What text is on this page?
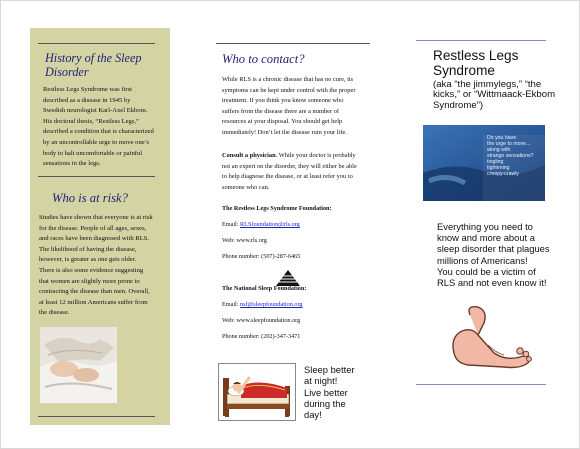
History of the Sleep Disorder
Restless Legs Syndrome was first
described as a disease in 1945 by
Swedish neurologist Karl-Axel Ekbom.
His doctoral thesis, “Restless Legs,”
described a condition that is characterized
by an uncontrollable urge to move one’s
body to halt uncomfortable or painful
sensations in the legs.
Who is at risk?
Studies have shown that everyone is at risk
for the disease. People of all ages, sexes,
and races have been diagnosed with RLS.
The likelihood of having the disease,
however, is greater as one gets older.
There is also some evidence suggesting
that women are slightly more prone to
contracting the disease than men. Overall,
at least 12 million Americans suffer from
the disease.
Who to contact?
While RLS is a chronic disease that has no cure, its
symptoms can be kept under control with the proper
treatment. If you think you know someone who
suffers from the disease there are a number of
resources at your disposal. You should get help
immediately! Don’t let the disease ruin your life.
Consult a physician. While your doctor is probably
not an expert on the disorder, they will either be able
to help diagnose the disease, or at least refer you to
someone who can.
The Restless Legs Syndrome Foundation:
Email: RLSfoundation@rls.org
Web: www.rls.org
Phone number: (507)-287-6465
The National Sleep Foundation:
Email: nsf@sleepfoundation.org
Web: www.sleepfoundation.org
Phone number: (202)-347-3471
Sleep better
at night!
Live better
during the
day!
Restless Legs
Syndrome
(aka “the jimmylegs,” “the
kicks,” or “Wittmaack-Ekbom
Syndrome”)
Do you have
the urge to move...
along with
strange sensations?
tingling
tightening
creepy-crawly
Everything you need to
know and more about a
sleep disorder that plagues
millions of Americans!
You could be a victim of
RLS and not even know it!
